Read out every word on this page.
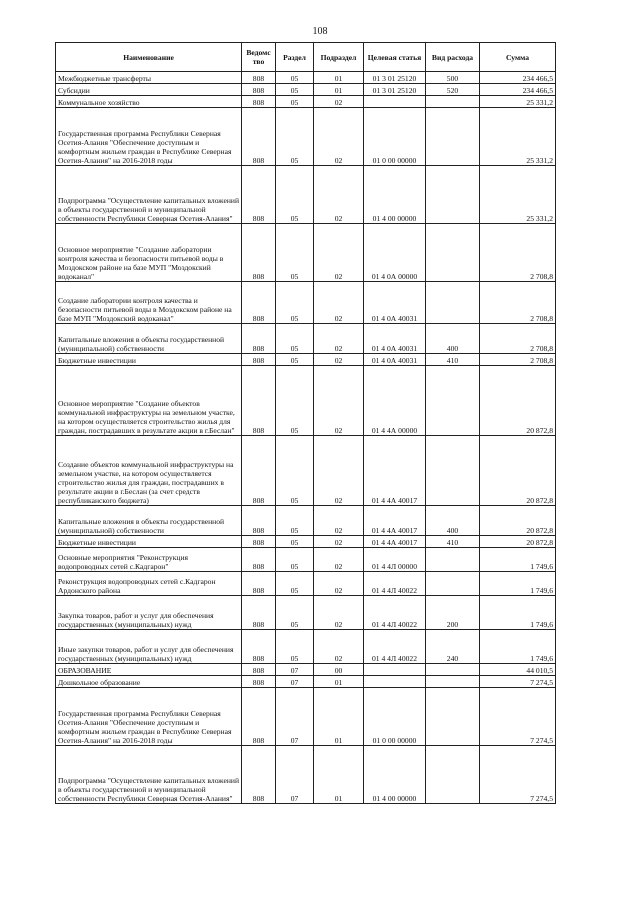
108
Наименование	Ведомс тво	Раздел	Подраздел	Целевая статья	Вид расхода	Сумма
Межбюджетные трансферты	808	05	01	01 3 01 25120	500	234 466,5
Субсидии	808	05	01	01 3 01 25120	520	234 466,5
Коммунальное хозяйство	808	05	02			25 331,2
Государственная программа Республики Северная Осетия-Алания "Обеспечение доступным и комфортным жильем граждан в Республике Северная Осетия-Алания" на 2016-2018 годы	808	05	02	01 0 00 00000		25 331,2
Подпрограмма "Осуществление капитальных вложений в объекты государственной и муниципальной собственности Республики Северная Осетия-Алания"	808	05	02	01 4 00 00000		25 331,2
Основное мероприятие "Создание лаборатории контроля качества и безопасности питьевой воды в Моздокском районе на базе МУП "Моздокский водоканал"	808	05	02	01 4 0А 00000		2 708,8
Создание лаборатории контроля качества и безопасности питьевой воды в Моздокском районе на базе МУП "Моздокский водоканал"	808	05	02	01 4 0А 40031		2 708,8
Капитальные вложения в объекты государственной (муниципальной) собственности	808	05	02	01 4 0А 40031	400	2 708,8
Бюджетные инвестиции	808	05	02	01 4 0А 40031	410	2 708,8
Основное мероприятие "Создание объектов коммунальной инфраструктуры на земельном участке, на котором осуществляется строительство жилья для граждан, пострадавших в результате акции в г.Беслан"	808	05	02	01 4 4А 00000		20 872,8
Создание объектов коммунальной инфраструктуры на земельном участке, на котором осуществляется строительство жилья для граждан, пострадавших в результате акции в г.Беслан (за счет средств республиканского бюджета)	808	05	02	01 4 4А 40017		20 872,8
Капитальные вложения в объекты государственной (муниципальной) собственности	808	05	02	01 4 4А 40017	400	20 872,8
Бюджетные инвестиции	808	05	02	01 4 4А 40017	410	20 872,8
Основные мероприятия "Реконструкция водопроводных сетей с.Кадгарон"	808	05	02	01 4 4Л 00000		1 749,6
Реконструкция водопроводных сетей с.Кадгарон Ардонского района	808	05	02	01 4 4Л 40022		1 749,6
Закупка товаров, работ и услуг для обеспечения государственных (муниципальных) нужд	808	05	02	01 4 4Л 40022	200	1 749,6
Иные закупки товаров, работ и услуг для обеспечения государственных (муниципальных) нужд	808	05	02	01 4 4Л 40022	240	1 749,6
ОБРАЗОВАНИЕ	808	07	00			44 010,5
Дошкольное образование	808	07	01			7 274,5
Государственная программа Республики Северная Осетия-Алания "Обеспечение доступным и комфортным жильем граждан в Республике Северная Осетия-Алания" на 2016-2018 годы	808	07	01	01 0 00 00000		7 274,5
Подпрограмма "Осуществление капитальных вложений в объекты государственной и муниципальной собственности Республики Северная Осетия-Алания"	808	07	01	01 4 00 00000		7 274,5
